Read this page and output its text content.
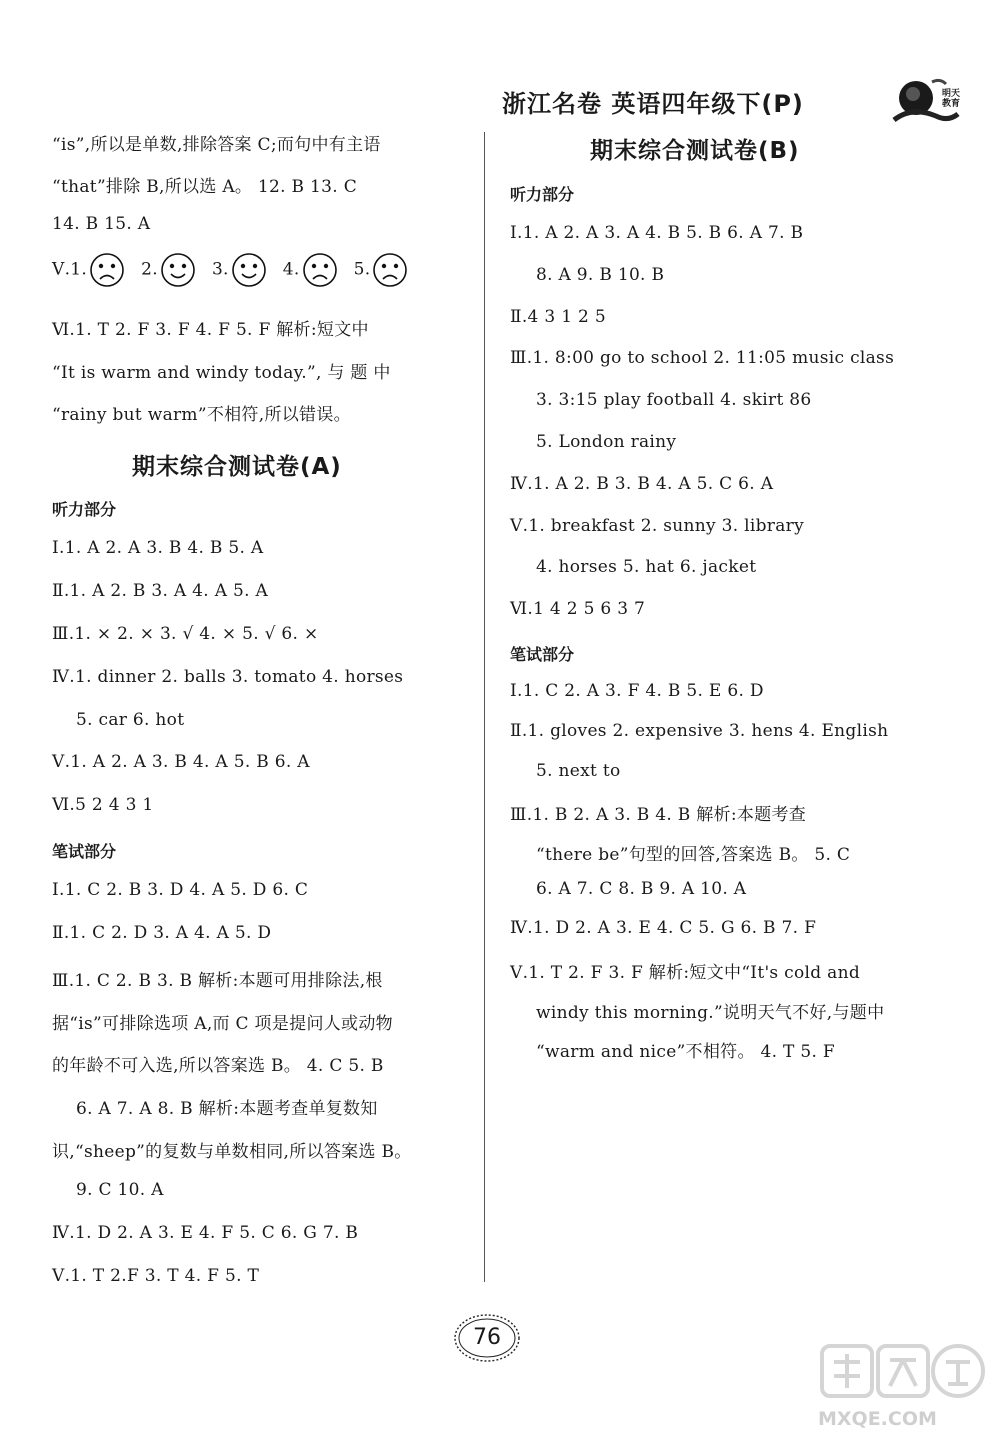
浙江名卷 英语四年级下(P)	明天教育
“is”,所以是单数,排除答案 C;而句中有主语
“that”排除 B,所以选 A。 12. B 13. C
14. B 15. A
Ⅴ.1.	2.	3.	4.	5.
Ⅵ.1. T 2. F 3. F 4. F 5. F 解析:短文中
“It is warm and windy today.”, 与 题 中
“rainy but warm”不相符,所以错误。
期末综合测试卷(A)
听力部分
Ⅰ.1. A 2. A 3. B 4. B 5. A
Ⅱ.1. A 2. B 3. A 4. A 5. A
Ⅲ.1. × 2. × 3. √ 4. × 5. √ 6. ×
Ⅳ.1. dinner 2. balls 3. tomato 4. horses
5. car 6. hot
Ⅴ.1. A 2. A 3. B 4. A 5. B 6. A
Ⅵ.5 2 4 3 1
笔试部分
Ⅰ.1. C 2. B 3. D 4. A 5. D 6. C
Ⅱ.1. C 2. D 3. A 4. A 5. D
Ⅲ.1. C 2. B 3. B 解析:本题可用排除法,根
据“is”可排除选项 A,而 C 项是提问人或动物
的年龄不可入选,所以答案选 B。 4. C 5. B
6. A 7. A 8. B 解析:本题考查单复数知
识,“sheep”的复数与单数相同,所以答案选 B。
9. C 10. A
Ⅳ.1. D 2. A 3. E 4. F 5. C 6. G 7. B
Ⅴ.1. T 2.F 3. T 4. F 5. T
期末综合测试卷(B)
听力部分
Ⅰ.1. A 2. A 3. A 4. B 5. B 6. A 7. B
8. A 9. B 10. B
Ⅱ.4 3 1 2 5
Ⅲ.1. 8:00 go to school 2. 11:05 music class
3. 3:15 play football 4. skirt 86
5. London rainy
Ⅳ.1. A 2. B 3. B 4. A 5. C 6. A
Ⅴ.1. breakfast 2. sunny 3. library
4. horses 5. hat 6. jacket
Ⅵ.1 4 2 5 6 3 7
笔试部分
Ⅰ.1. C 2. A 3. F 4. B 5. E 6. D
Ⅱ.1. gloves 2. expensive 3. hens 4. English
5. next to
Ⅲ.1. B 2. A 3. B 4. B 解析:本题考查
“there be”句型的回答,答案选 B。 5. C
6. A 7. C 8. B 9. A 10. A
Ⅳ.1. D 2. A 3. E 4. C 5. G 6. B 7. F
Ⅴ.1. T 2. F 3. F 解析:短文中“It's cold and
windy this morning.”说明天气不好,与题中
“warm and nice”不相符。 4. T 5. F
76
MXQE.COM
